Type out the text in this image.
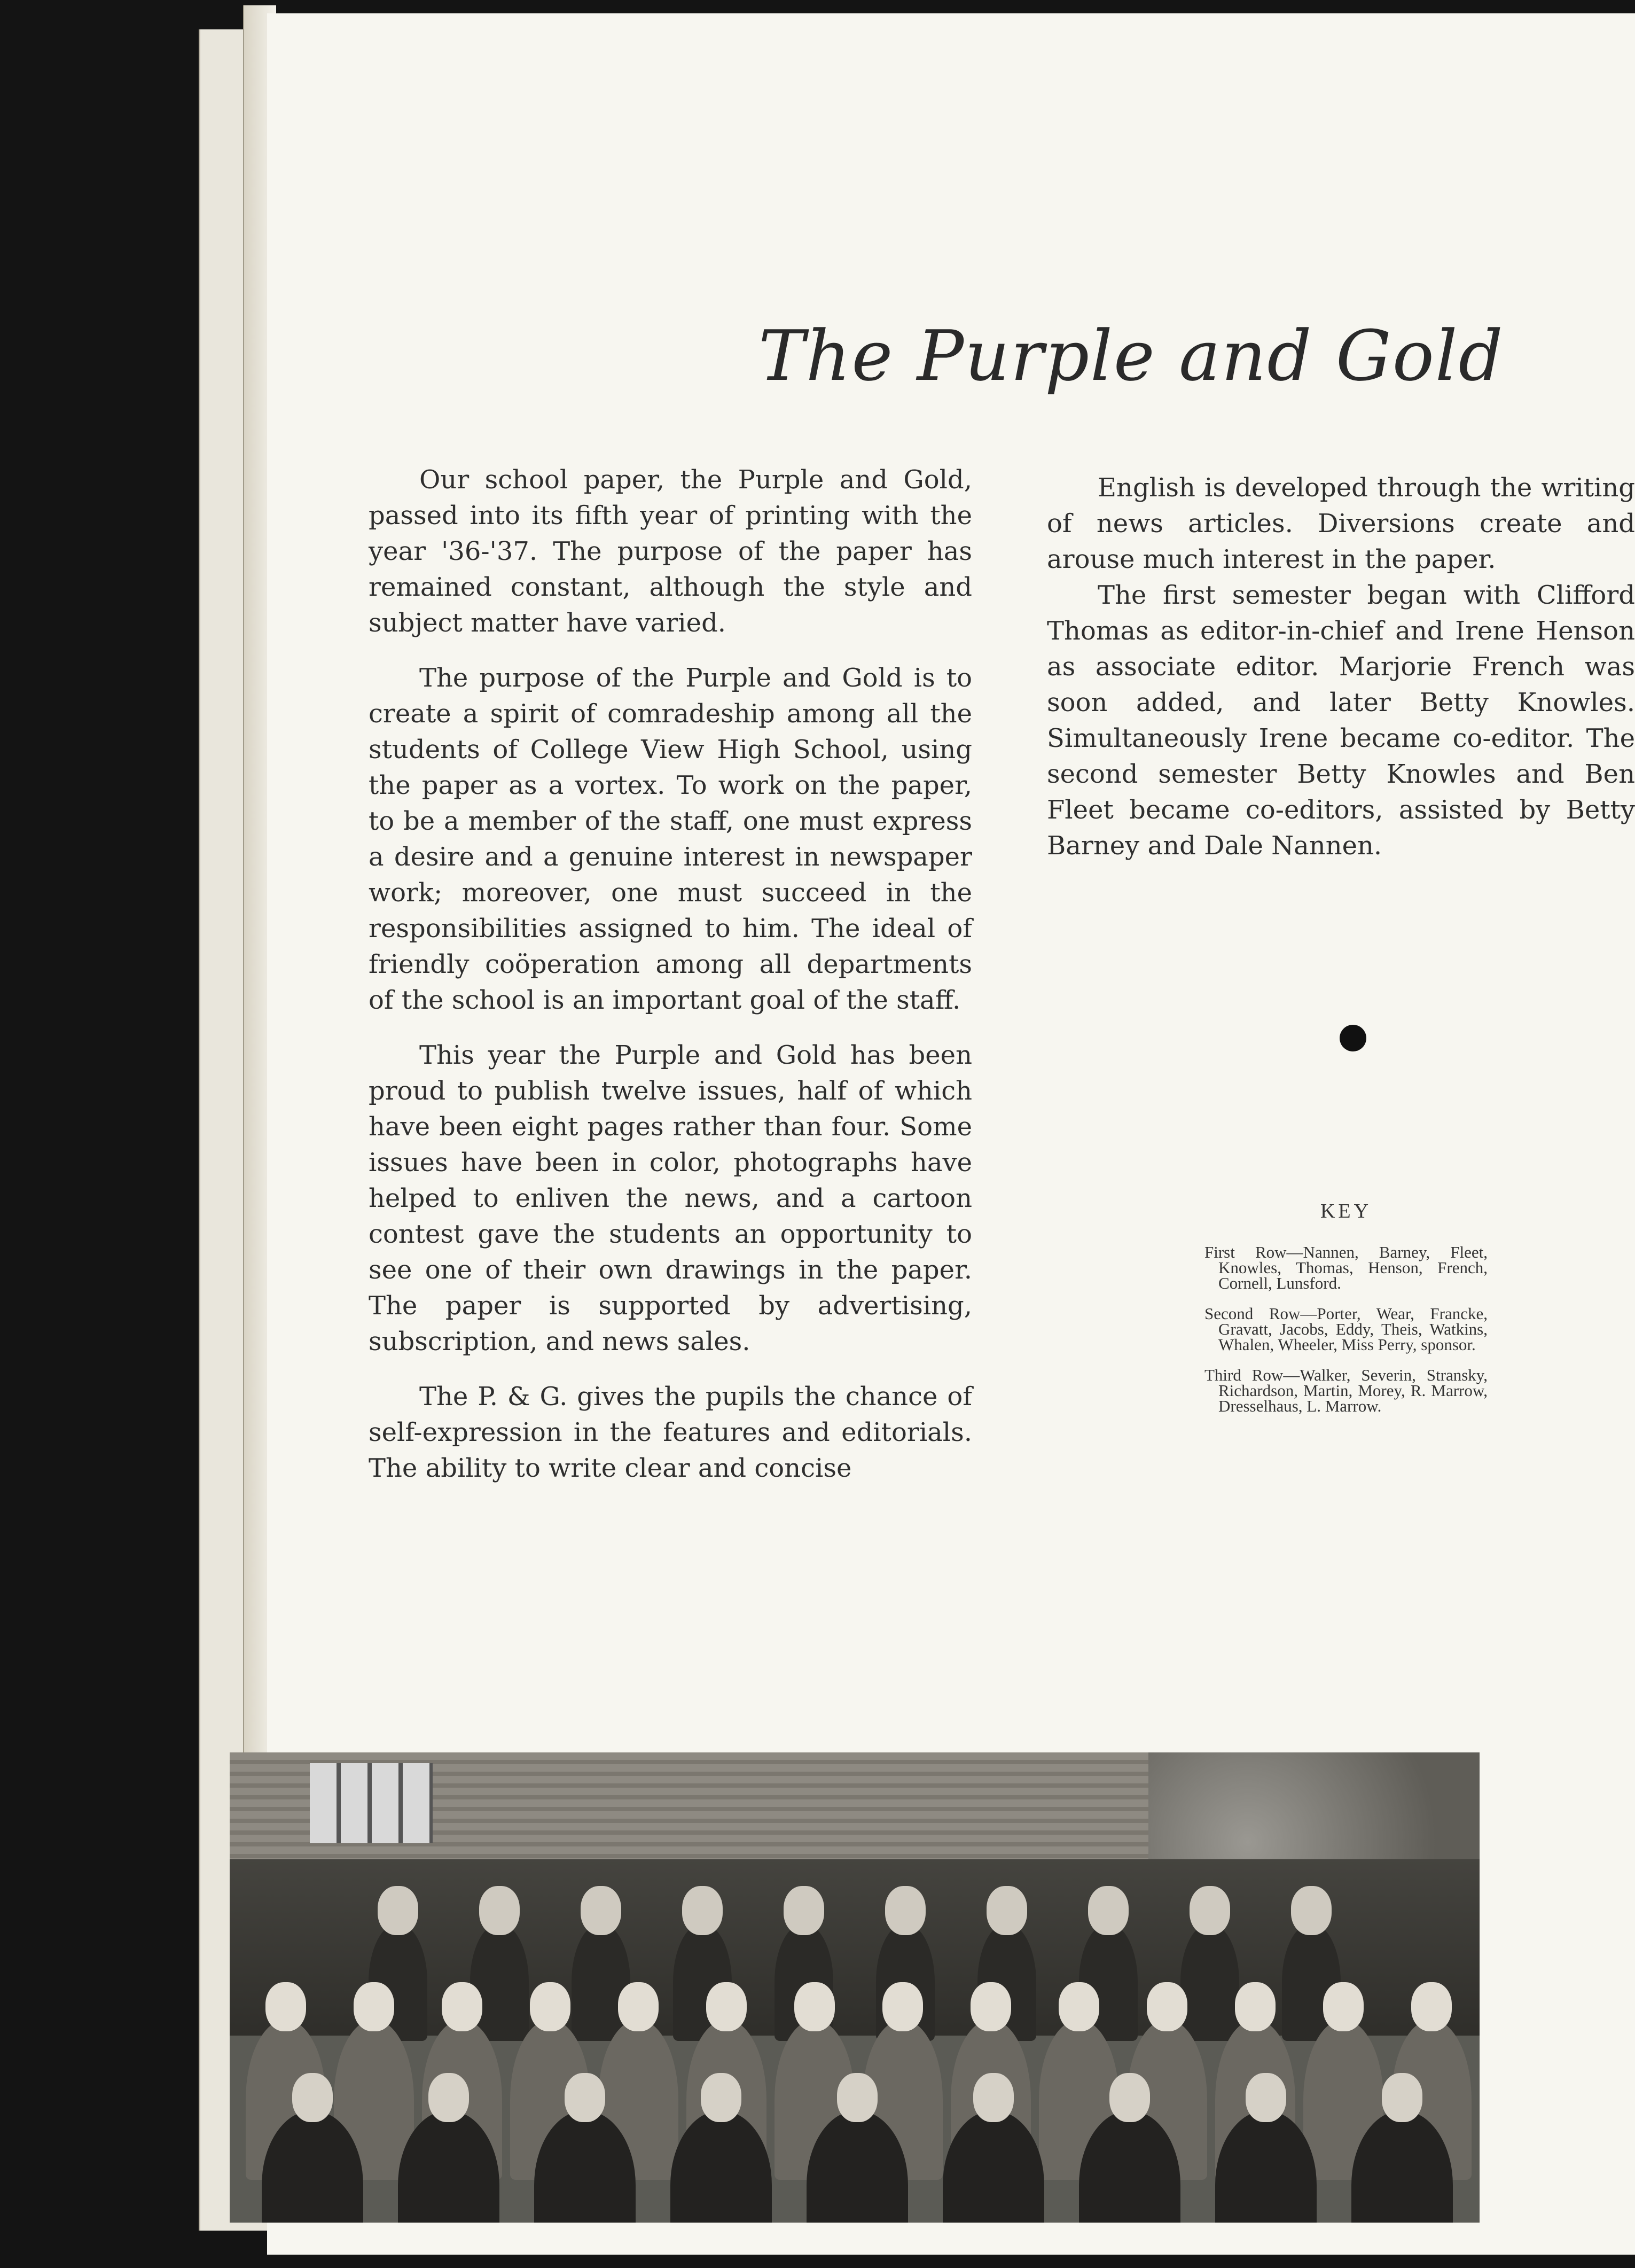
The Purple and Gold

Our school paper, the Purple and Gold, passed into its fifth year of printing with the year '36-'37. The purpose of the paper has remained constant, although the style and subject matter have varied.

The purpose of the Purple and Gold is to create a spirit of comradeship among all the students of College View High School, using the paper as a vortex. To work on the paper, to be a member of the staff, one must express a desire and a genuine interest in newspaper work; moreover, one must succeed in the responsibilities assigned to him. The ideal of friendly coöperation among all departments of the school is an important goal of the staff.

This year the Purple and Gold has been proud to publish twelve issues, half of which have been eight pages rather than four. Some issues have been in color, photographs have helped to enliven the news, and a cartoon contest gave the students an opportunity to see one of their own drawings in the paper. The paper is supported by advertising, subscription, and news sales.

The P. & G. gives the pupils the chance of self-expression in the features and editorials. The ability to write clear and concise

English is developed through the writing of news articles. Diversions create and arouse much interest in the paper.

The first semester began with Clifford Thomas as editor-in-chief and Irene Henson as associate editor. Marjorie French was soon added, and later Betty Knowles. Simultaneously Irene became co-editor. The second semester Betty Knowles and Ben Fleet became co-editors, assisted by Betty Barney and Dale Nannen.

KEY

First Row—Nannen, Barney, Fleet, Knowles, Thomas, Henson, French, Cornell, Lunsford.

Second Row—Porter, Wear, Francke, Gravatt, Jacobs, Eddy, Theis, Watkins, Whalen, Wheeler, Miss Perry, sponsor.

Third Row—Walker, Severin, Stransky, Richardson, Martin, Morey, R. Marrow, Dresselhaus, L. Marrow.
